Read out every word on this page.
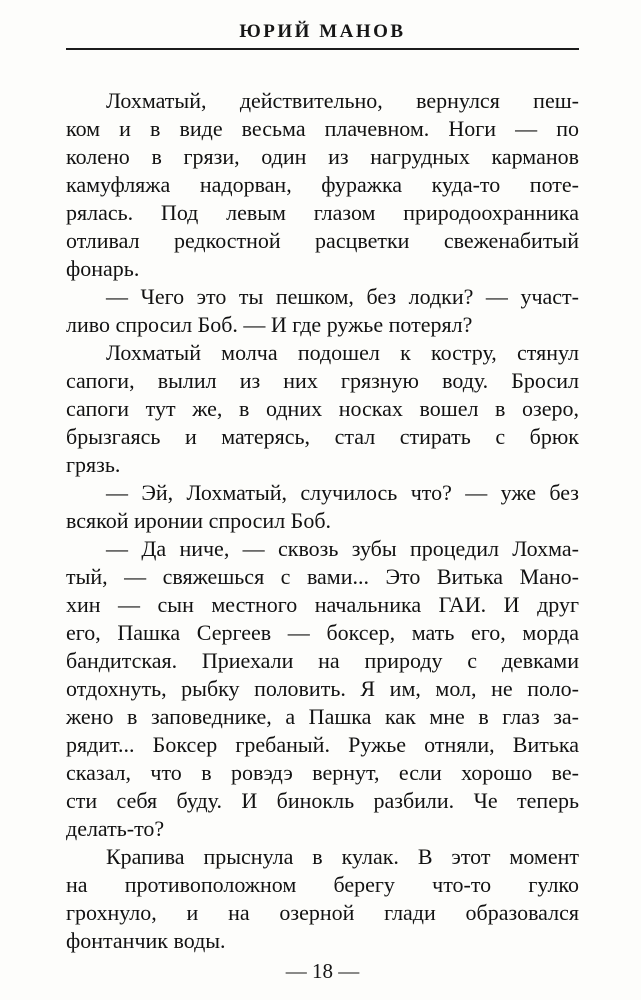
ЮРИЙ МАНОВ

Лохматый, действительно, вернулся пеш-
ком и в виде весьма плачевном. Ноги — по
колено в грязи, один из нагрудных карманов
камуфляжа надорван, фуражка куда-то поте-
рялась. Под левым глазом природоохранника
отливал редкостной расцветки свеженабитый
фонарь.

— Чего это ты пешком, без лодки? — участ-
ливо спросил Боб. — И где ружье потерял?

Лохматый молча подошел к костру, стянул
сапоги, вылил из них грязную воду. Бросил
сапоги тут же, в одних носках вошел в озеро,
брызгаясь и матерясь, стал стирать с брюк
грязь.

— Эй, Лохматый, случилось что? — уже без
всякой иронии спросил Боб.

— Да ниче, — сквозь зубы процедил Лохма-
тый, — свяжешься с вами... Это Витька Мано-
хин — сын местного начальника ГАИ. И друг
его, Пашка Сергеев — боксер, мать его, морда
бандитская. Приехали на природу с девками
отдохнуть, рыбку половить. Я им, мол, не поло-
жено в заповеднике, а Пашка как мне в глаз за-
рядит... Боксер гребаный. Ружье отняли, Витька
сказал, что в ровэдэ вернут, если хорошо ве-
сти себя буду. И бинокль разбили. Че теперь
делать-то?

Крапива прыснула в кулак. В этот момент
на противоположном берегу что-то гулко
грохнуло, и на озерной глади образовался
фонтанчик воды.

— 18 —
